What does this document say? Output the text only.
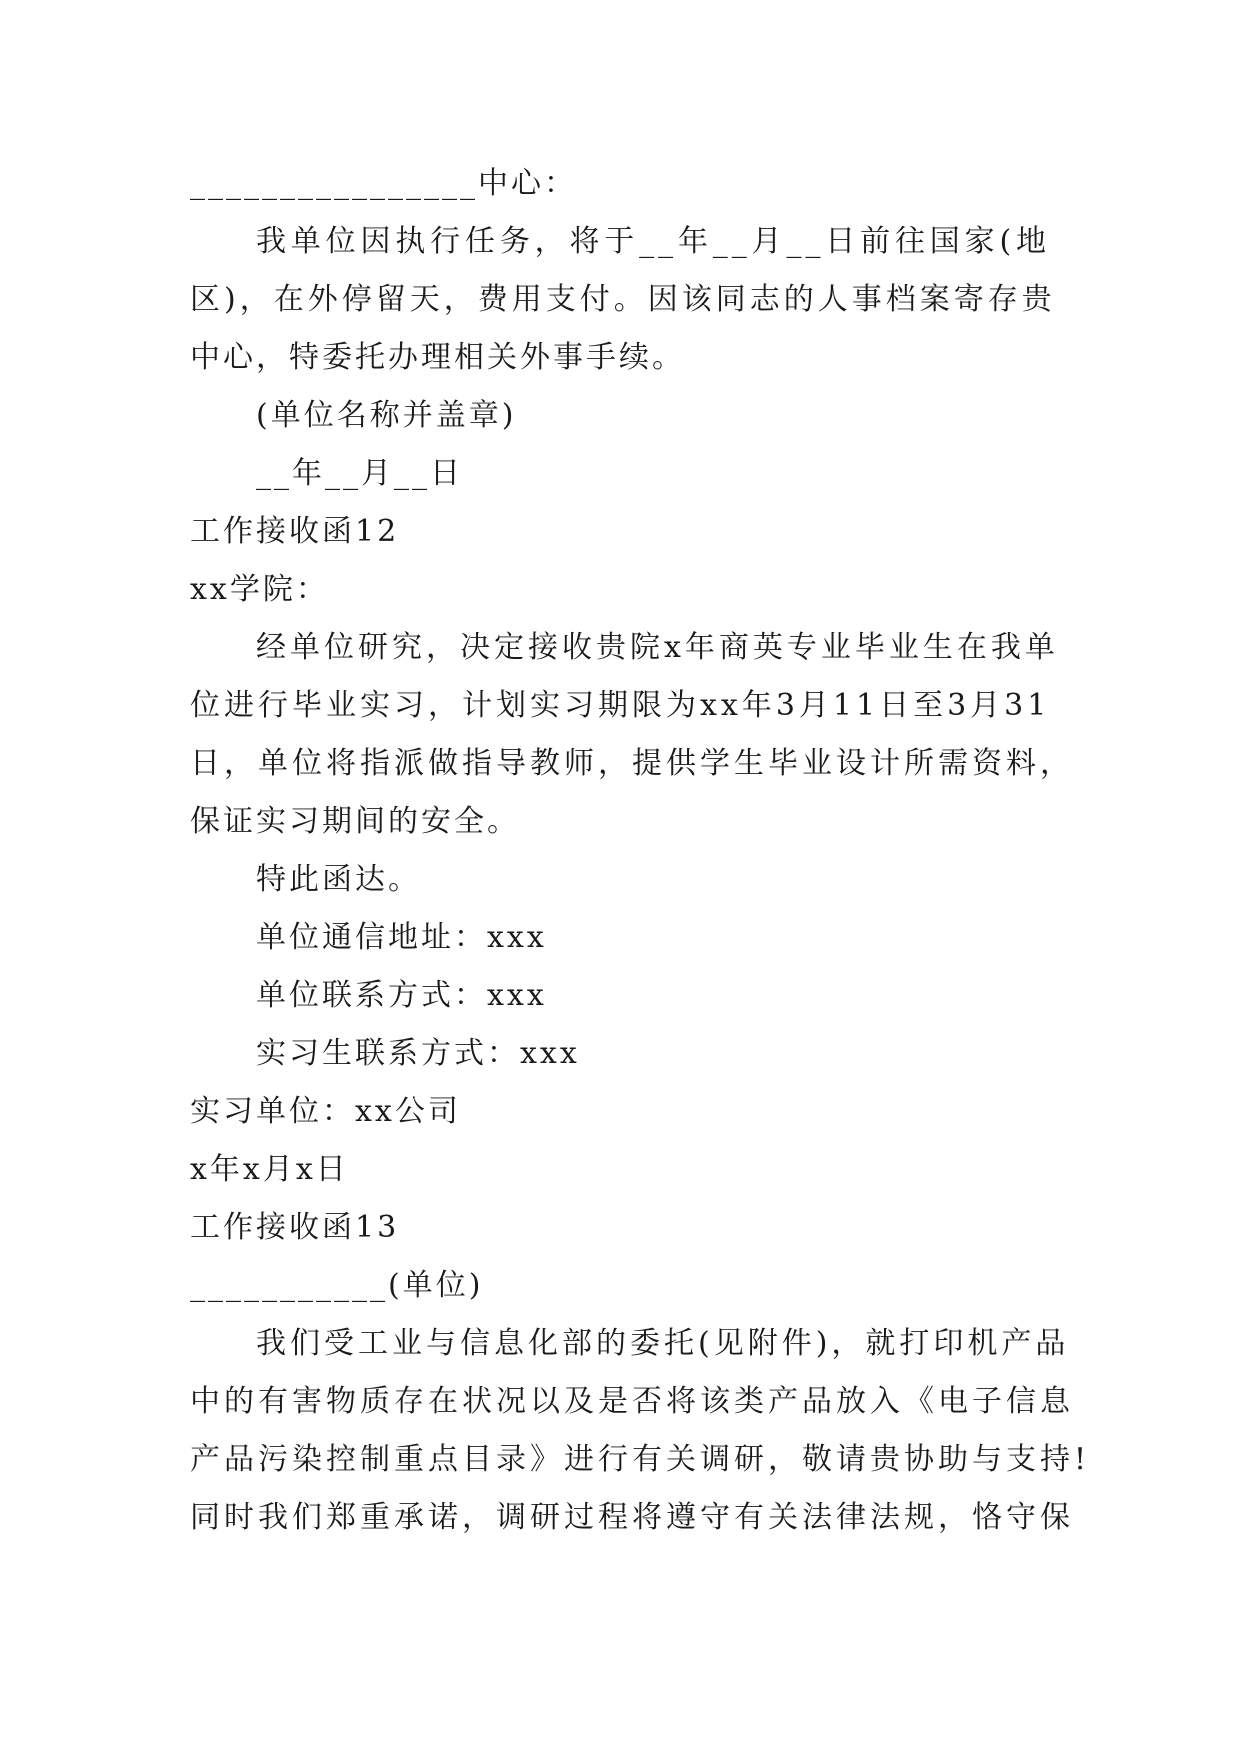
________________中心：
我单位因执行任务，将于__年__月__日前往国家(地
区)，在外停留天，费用支付。因该同志的人事档案寄存贵
中心，特委托办理相关外事手续。
(单位名称并盖章)
__年__月__日
工作接收函12
xx学院：
经单位研究，决定接收贵院x年商英专业毕业生在我单
位进行毕业实习，计划实习期限为xx年3月11日至3月31
日，单位将指派做指导教师，提供学生毕业设计所需资料，
保证实习期间的安全。
特此函达。
单位通信地址：xxx
单位联系方式：xxx
实习生联系方式：xxx
实习单位：xx公司
x年x月x日
工作接收函13
___________(单位)
我们受工业与信息化部的委托(见附件)，就打印机产品
中的有害物质存在状况以及是否将该类产品放入《电子信息
产品污染控制重点目录》进行有关调研，敬请贵协助与支持!
同时我们郑重承诺，调研过程将遵守有关法律法规，恪守保
